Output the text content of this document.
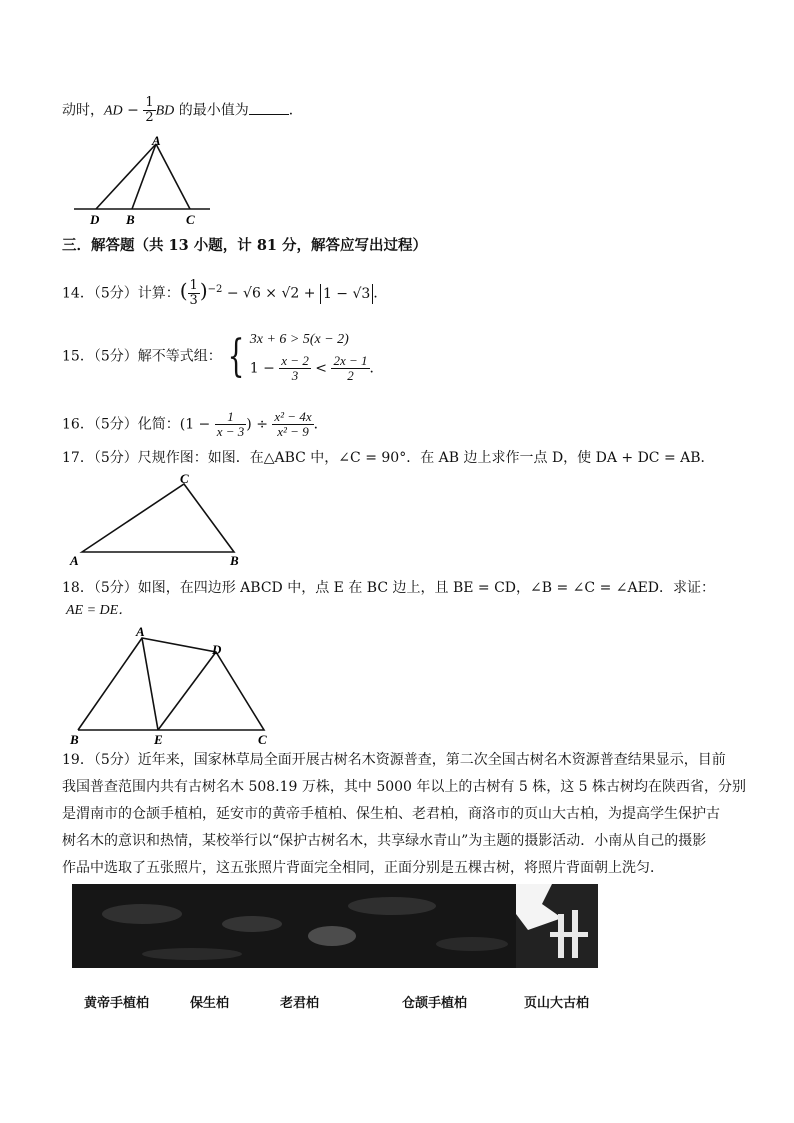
动时，AD − $\frac{1}{2}$ BD 的最小值为	．
A
D B	C
三．解答题（共 13 小题，计 81 分，解答应写出过程）
14．（5分）计算：( $\frac{1}{3} )^{-2} - √6 \times √2 + 1 - √3$ ．
15．（5分）解不等式组： { 3x + 6 > 5(x − 2)
$1 - \frac{x - 2}{3} < \frac{2x - 1}{2}$ ．
16．（5分）化简：($1 - \frac{1}{x - 3}$ ) ÷ $\frac{\text{x² − 4x}}{\text{x² − 9}}$ ．
17．（5分）尺规作图：如图．在△ABC 中，∠C = 90°．在 AB 边上求作一点 D，使 DA + DC = AB．
C
A	B
18．（5分）如图，在四边形 ABCD 中，点 E 在 BC 边上，且 BE = CD，∠B = ∠C = ∠AED．求证：
AE = DE．
A
D
B	E	C
19．（5分）近年来，国家林草局全面开展古树名木资源普查，第二次全国古树名木资源普查结果显示，目前
我国普查范围内共有古树名木 508.19 万株，其中 5000 年以上的古树有 5 株，这 5 株古树均在陕西省，分别
是渭南市的仓颉手植柏，延安市的黄帝手植柏、保生柏、老君柏，商洛市的页山大古柏，为提高学生保护古
树名木的意识和热情，某校举行以“保护古树名木，共享绿水青山”为主题的摄影活动．小南从自己的摄影
作品中选取了五张照片，这五张照片背面完全相同，正面分别是五棵古树，将照片背面朝上洗匀．
黄帝手植柏	保生柏	老君柏	仓颉手植柏	页山大古柏
